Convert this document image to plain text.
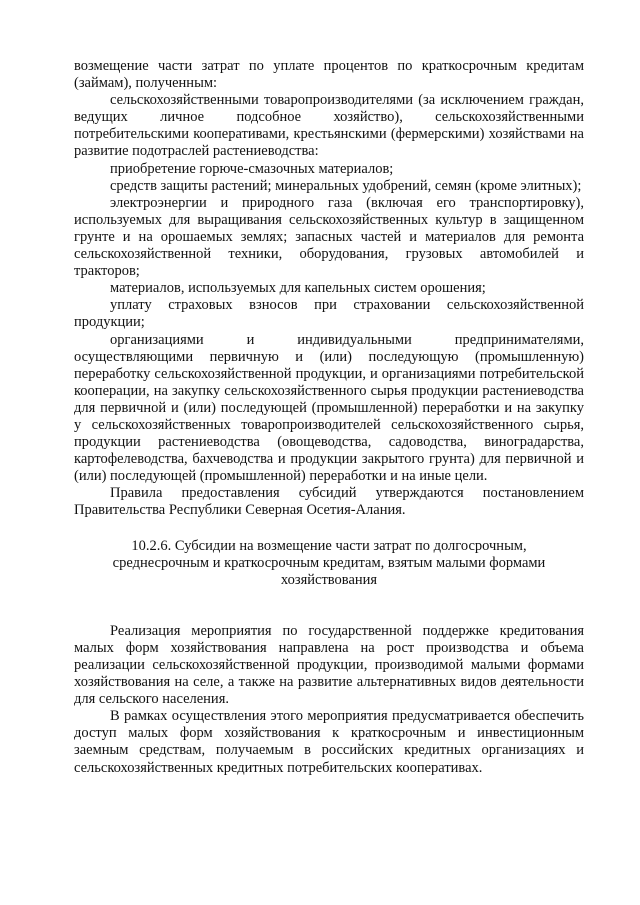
возмещение части затрат по уплате процентов по краткосрочным кредитам (займам), полученным:

сельскохозяйственными товаропроизводителями (за исключением граждан, ведущих личное подсобное хозяйство), сельскохозяйственными потребительскими кооперативами, крестьянскими (фермерскими) хозяйствами на развитие подотраслей растениеводства:

приобретение горюче-смазочных материалов;

средств защиты растений; минеральных удобрений, семян (кроме элитных);

электроэнергии и природного газа (включая его транспортировку), используемых для выращивания сельскохозяйственных культур в защищенном грунте и на орошаемых землях; запасных частей и материалов для ремонта сельскохозяйственной техники, оборудования, грузовых автомобилей и тракторов;

материалов, используемых для капельных систем орошения;

уплату страховых взносов при страховании сельскохозяйственной продукции;

организациями и индивидуальными предпринимателями, осуществляющими первичную и (или) последующую (промышленную) переработку сельскохозяйственной продукции, и организациями потребительской кооперации, на закупку сельскохозяйственного сырья продукции растениеводства для первичной и (или) последующей (промышленной) переработки и на закупку у сельскохозяйственных товаропроизводителей сельскохозяйственного сырья, продукции растениеводства (овощеводства, садоводства, виноградарства, картофелеводства, бахчеводства и продукции закрытого грунта) для первичной и (или) последующей (промышленной) переработки и на иные цели.

Правила предоставления субсидий утверждаются постановлением Правительства Республики Северная Осетия-Алания.

10.2.6. Субсидии на возмещение части затрат по долгосрочным, среднесрочным и краткосрочным кредитам, взятым малыми формами хозяйствования

Реализация мероприятия по государственной поддержке кредитования малых форм хозяйствования направлена на рост производства и объема реализации сельскохозяйственной продукции, производимой малыми формами хозяйствования на селе, а также на развитие альтернативных видов деятельности для сельского населения.

В рамках осуществления этого мероприятия предусматривается обеспечить доступ малых форм хозяйствования к краткосрочным и инвестиционным заемным средствам, получаемым в российских кредитных организациях и сельскохозяйственных кредитных потребительских кооперативах.
